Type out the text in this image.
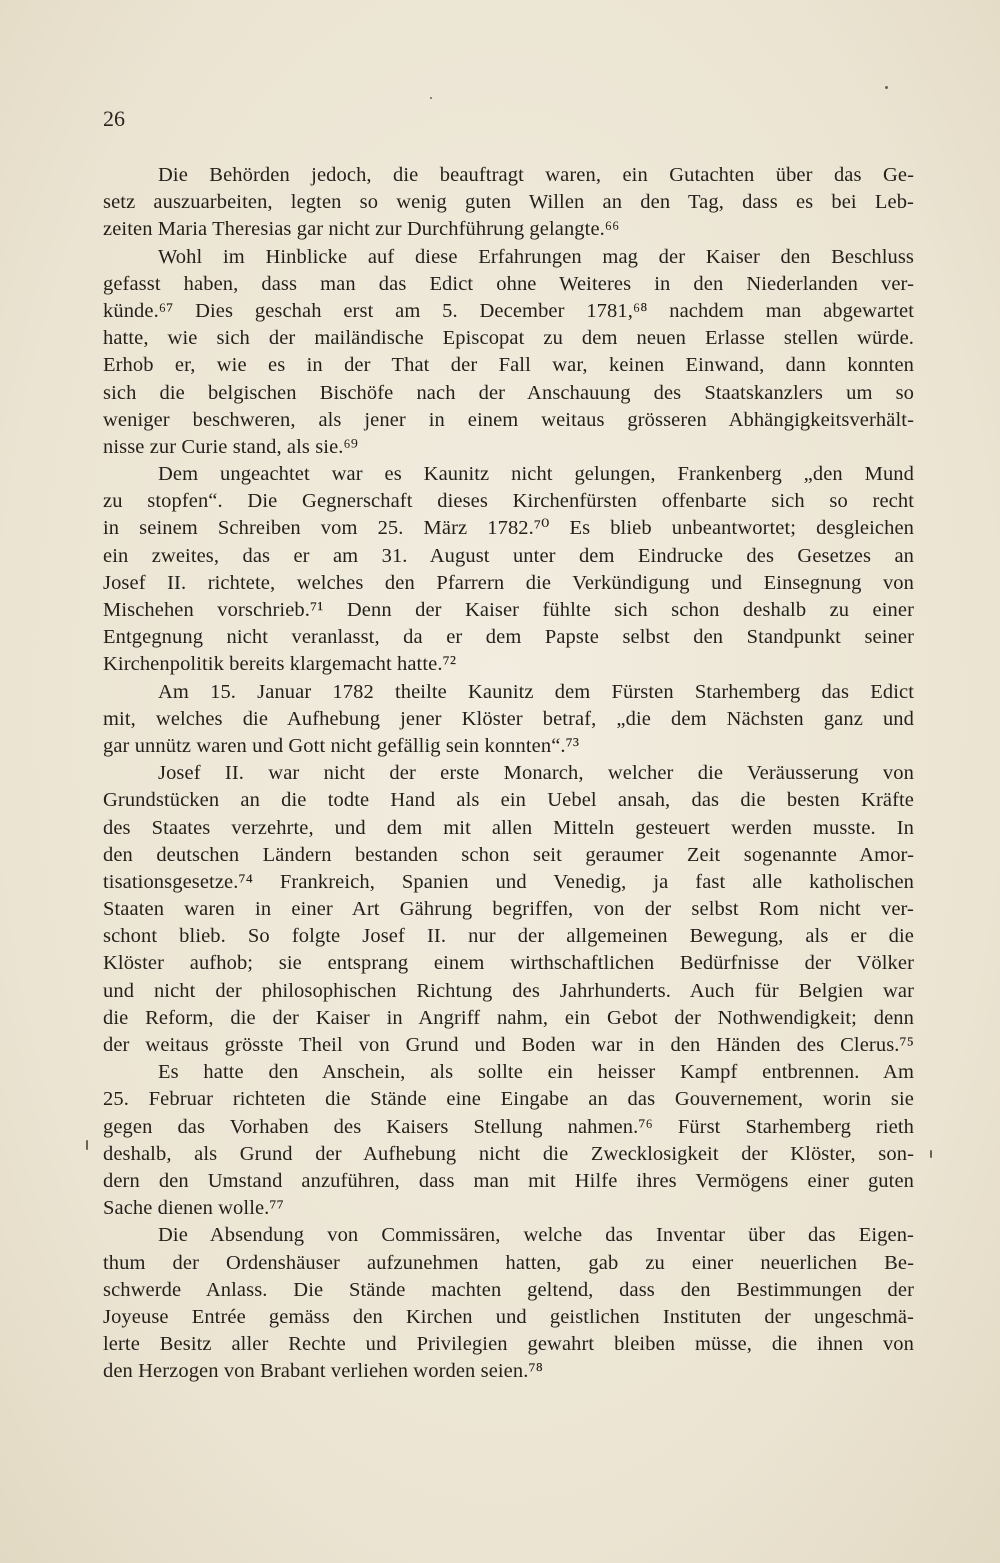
26
Die Behörden jedoch, die beauftragt waren, ein Gutachten über das Ge-
setz auszuarbeiten, legten so wenig guten Willen an den Tag, dass es bei Leb-
zeiten Maria Theresias gar nicht zur Durchführung gelangte.⁶⁶
Wohl im Hinblicke auf diese Erfahrungen mag der Kaiser den Beschluss
gefasst haben, dass man das Edict ohne Weiteres in den Niederlanden ver-
künde.⁶⁷ Dies geschah erst am 5. December 1781,⁶⁸ nachdem man abgewartet
hatte, wie sich der mailändische Episcopat zu dem neuen Erlasse stellen würde.
Erhob er, wie es in der That der Fall war, keinen Einwand, dann konnten
sich die belgischen Bischöfe nach der Anschauung des Staatskanzlers um so
weniger beschweren, als jener in einem weitaus grösseren Abhängigkeitsverhält-
nisse zur Curie stand, als sie.⁶⁹
Dem ungeachtet war es Kaunitz nicht gelungen, Frankenberg „den Mund
zu stopfen“. Die Gegnerschaft dieses Kirchenfürsten offenbarte sich so recht
in seinem Schreiben vom 25. März 1782.⁷⁰ Es blieb unbeantwortet; desgleichen
ein zweites, das er am 31. August unter dem Eindrucke des Gesetzes an
Josef II. richtete, welches den Pfarrern die Verkündigung und Einsegnung von
Mischehen vorschrieb.⁷¹ Denn der Kaiser fühlte sich schon deshalb zu einer
Entgegnung nicht veranlasst, da er dem Papste selbst den Standpunkt seiner
Kirchenpolitik bereits klargemacht hatte.⁷²
Am 15. Januar 1782 theilte Kaunitz dem Fürsten Starhemberg das Edict
mit, welches die Aufhebung jener Klöster betraf, „die dem Nächsten ganz und
gar unnütz waren und Gott nicht gefällig sein konnten“.⁷³
Josef II. war nicht der erste Monarch, welcher die Veräusserung von
Grundstücken an die todte Hand als ein Uebel ansah, das die besten Kräfte
des Staates verzehrte, und dem mit allen Mitteln gesteuert werden musste. In
den deutschen Ländern bestanden schon seit geraumer Zeit sogenannte Amor-
tisationsgesetze.⁷⁴ Frankreich, Spanien und Venedig, ja fast alle katholischen
Staaten waren in einer Art Gährung begriffen, von der selbst Rom nicht ver-
schont blieb. So folgte Josef II. nur der allgemeinen Bewegung, als er die
Klöster aufhob; sie entsprang einem wirthschaftlichen Bedürfnisse der Völker
und nicht der philosophischen Richtung des Jahrhunderts. Auch für Belgien war
die Reform, die der Kaiser in Angriff nahm, ein Gebot der Nothwendigkeit; denn
der weitaus grösste Theil von Grund und Boden war in den Händen des Clerus.⁷⁵
Es hatte den Anschein, als sollte ein heisser Kampf entbrennen. Am
25. Februar richteten die Stände eine Eingabe an das Gouvernement, worin sie
gegen das Vorhaben des Kaisers Stellung nahmen.⁷⁶ Fürst Starhemberg rieth
deshalb, als Grund der Aufhebung nicht die Zwecklosigkeit der Klöster, son-
dern den Umstand anzuführen, dass man mit Hilfe ihres Vermögens einer guten
Sache dienen wolle.⁷⁷
Die Absendung von Commissären, welche das Inventar über das Eigen-
thum der Ordenshäuser aufzunehmen hatten, gab zu einer neuerlichen Be-
schwerde Anlass. Die Stände machten geltend, dass den Bestimmungen der
Joyeuse Entrée gemäss den Kirchen und geistlichen Instituten der ungeschmä-
lerte Besitz aller Rechte und Privilegien gewahrt bleiben müsse, die ihnen von
den Herzogen von Brabant verliehen worden seien.⁷⁸
